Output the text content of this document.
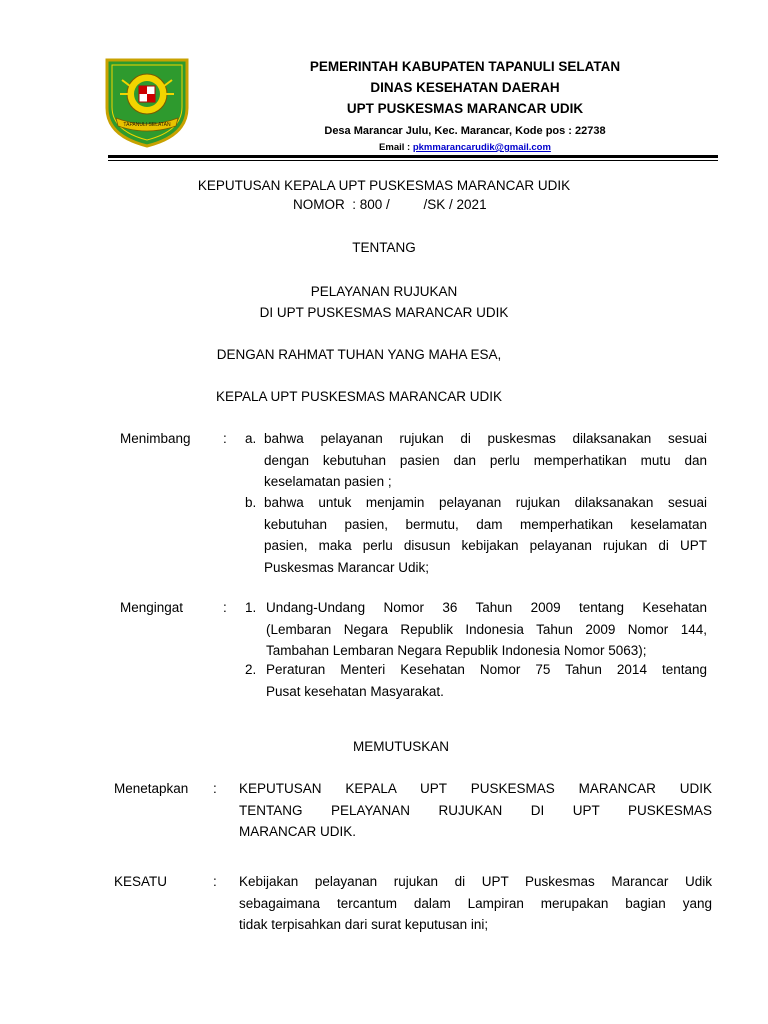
TAPANULI SELATAN
PEMERINTAH KABUPATEN TAPANULI SELATAN
DINAS KESEHATAN DAERAH
UPT PUSKESMAS MARANCAR UDIK
Desa Marancar Julu, Kec. Marancar, Kode pos : 22738
Email : pkmmarancarudik@gmail.com
KEPUTUSAN KEPALA UPT PUSKESMAS MARANCAR UDIK
NOMOR  : 800 /         /SK / 2021
TENTANG
PELAYANAN RUJUKAN
DI UPT PUSKESMAS MARANCAR UDIK
DENGAN RAHMAT TUHAN YANG MAHA ESA,
KEPALA UPT PUSKESMAS MARANCAR UDIK
Menimbang : a. bahwa pelayanan rujukan di puskesmas dilaksanakan sesuai
dengan kebutuhan pasien dan perlu memperhatikan mutu dan
keselamatan pasien ;
b. bahwa untuk menjamin pelayanan rujukan dilaksanakan sesuai
kebutuhan pasien, bermutu, dam memperhatikan keselamatan
pasien, maka perlu disusun kebijakan pelayanan rujukan di UPT
Puskesmas Marancar Udik;
Mengingat	: 1. Undang-Undang Nomor 36 Tahun 2009 tentang Kesehatan
(Lembaran Negara Republik Indonesia Tahun 2009 Nomor 144,
Tambahan Lembaran Negara Republik Indonesia Nomor 5063);
2. Peraturan Menteri Kesehatan Nomor 75 Tahun 2014 tentang
Pusat kesehatan Masyarakat.
MEMUTUSKAN
Menetapkan : KEPUTUSAN KEPALA UPT PUSKESMAS MARANCAR UDIK
TENTANG PELAYANAN RUJUKAN DI UPT PUSKESMAS
MARANCAR UDIK.
KESATU	: Kebijakan pelayanan rujukan di UPT Puskesmas Marancar Udik
sebagaimana tercantum dalam Lampiran merupakan bagian yang
tidak terpisahkan dari surat keputusan ini;
